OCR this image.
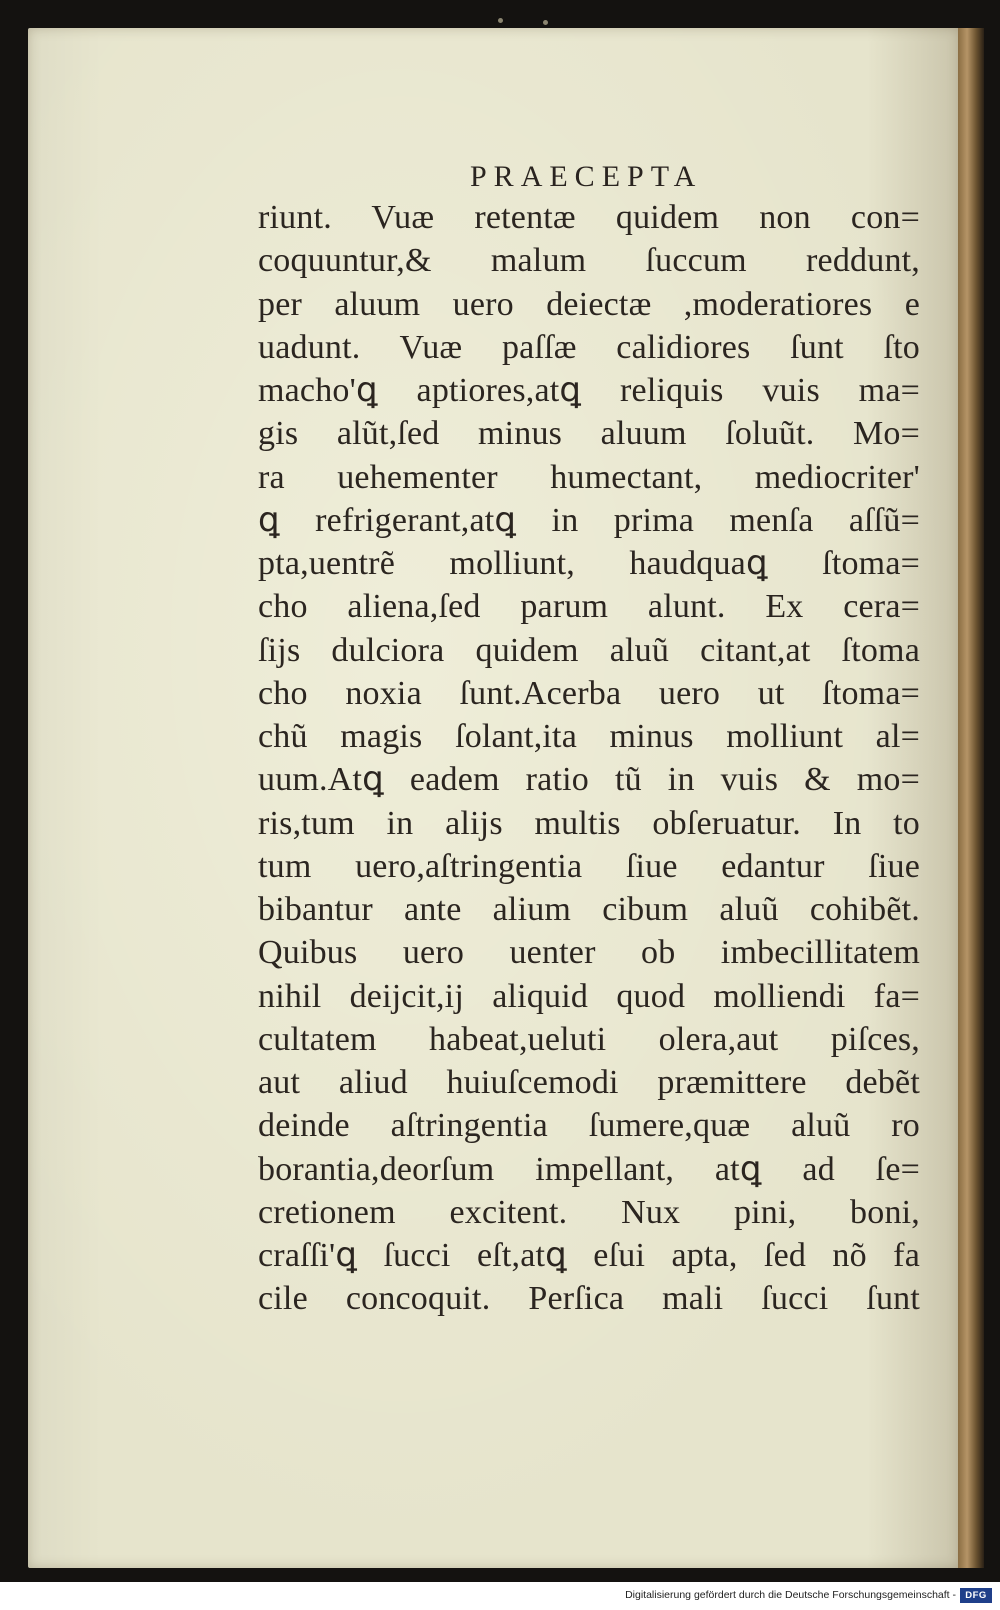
PRAECEPTA
riunt. Vuæ retentæ quidem non con=
coquuntur,& malum ſuccum reddunt,
per aluum uero deiectæ ,moderatiores e
uadunt. Vuæ paſſæ calidiores ſunt ſto
macho'ꝗ aptiores,atꝗ reliquis vuis ma=
gis alũt,ſed minus aluum ſoluũt. Mo=
ra uehementer humectant, mediocriter'
ꝗ refrigerant,atꝗ in prima menſa aſſũ=
pta,uentrẽ molliunt, haudquaꝗ ſtoma=
cho aliena,ſed parum alunt. Ex cera=
ſijs dulciora quidem aluũ citant,at ſtoma
cho noxia ſunt.Acerba uero ut ſtoma=
chũ magis ſolant,ita minus molliunt al=
uum.Atꝗ eadem ratio tũ in vuis & mo=
ris,tum in alijs multis obſeruatur. In to
tum uero,aſtringentia ſiue edantur ſiue
bibantur ante alium cibum aluũ cohibẽt.
Quibus uero uenter ob imbecillitatem
nihil deijcit,ij aliquid quod molliendi fa=
cultatem habeat,ueluti olera,aut piſces,
aut aliud huiuſcemodi præmittere debẽt
deinde aſtringentia ſumere,quæ aluũ ro
borantia,deorſum impellant, atꝗ ad ſe=
cretionem excitent. Nux pini, boni,
craſſi'ꝗ ſucci eſt,atꝗ eſui apta, ſed nõ fa
cile concoquit. Perſica mali ſucci ſunt
Digitalisierung gefördert durch die Deutsche Forschungsgemeinschaft - DFG
